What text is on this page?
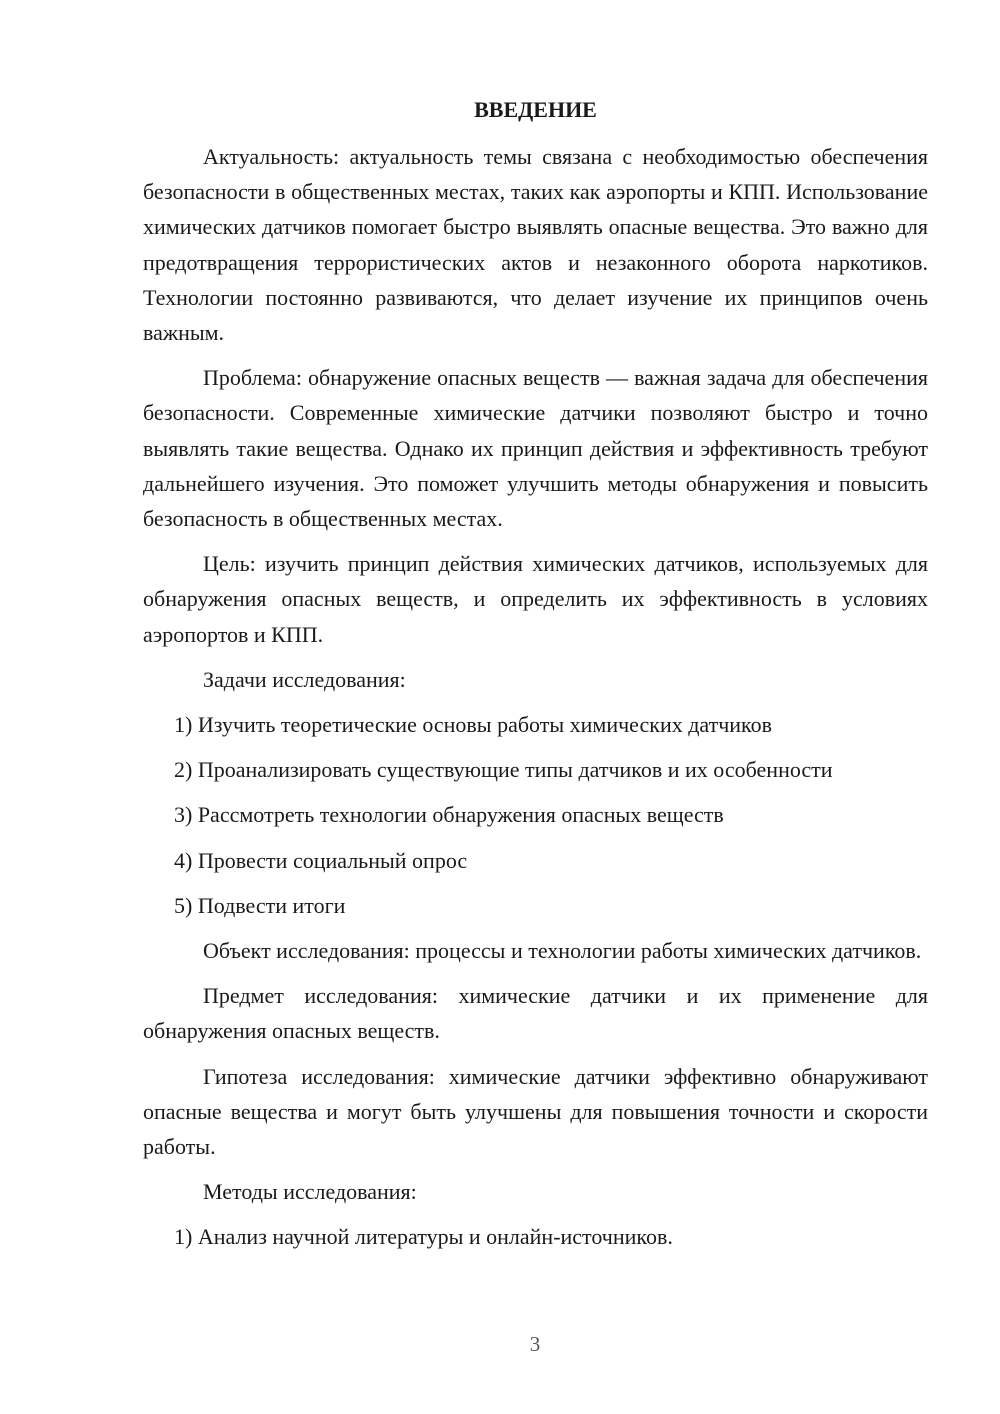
ВВЕДЕНИЕ

Актуальность: актуальность темы связана с необходимостью обеспечения безопасности в общественных местах, таких как аэропорты и КПП. Использование химических датчиков помогает быстро выявлять опасные вещества. Это важно для предотвращения террористических актов и незаконного оборота наркотиков. Технологии постоянно развиваются, что делает изучение их принципов очень важным.

Проблема: обнаружение опасных веществ — важная задача для обеспечения безопасности. Современные химические датчики позволяют быстро и точно выявлять такие вещества. Однако их принцип действия и эффективность требуют дальнейшего изучения. Это поможет улучшить методы обнаружения и повысить безопасность в общественных местах.

Цель: изучить принцип действия химических датчиков, используемых для обнаружения опасных веществ, и определить их эффективность в условиях аэропортов и КПП.

Задачи исследования:

1) Изучить теоретические основы работы химических датчиков

2) Проанализировать существующие типы датчиков и их особенности

3) Рассмотреть технологии обнаружения опасных веществ

4) Провести социальный опрос

5) Подвести итоги

Объект исследования: процессы и технологии работы химических датчиков.

Предмет исследования: химические датчики и их применение для обнаружения опасных веществ.

Гипотеза исследования: химические датчики эффективно обнаруживают опасные вещества и могут быть улучшены для повышения точности и скорости работы.

Методы исследования:

1) Анализ научной литературы и онлайн-источников.

3
